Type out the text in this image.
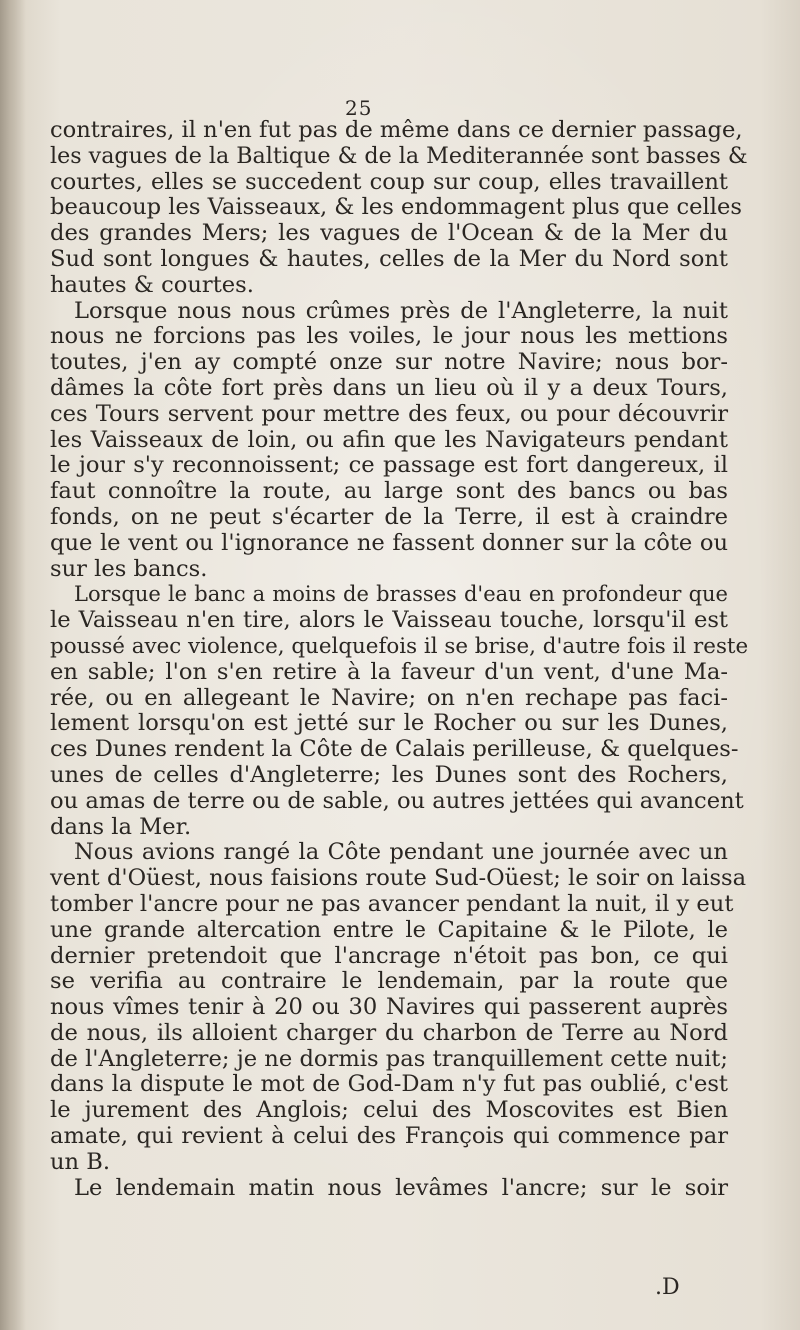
25
contraires, il n'en fut pas de même dans ce dernier passage,
les vagues de la Baltique & de la Mediterannée sont basses &
courtes, elles se succedent coup sur coup, elles travaillent
beaucoup les Vaisseaux, & les endommagent plus que celles
des grandes Mers; les vagues de l'Ocean & de la Mer du
Sud sont longues & hautes, celles de la Mer du Nord sont
hautes & courtes.
Lorsque nous nous crûmes près de l'Angleterre, la nuit
nous ne forcions pas les voiles, le jour nous les mettions
toutes, j'en ay compté onze sur notre Navire; nous bor-
dâmes la côte fort près dans un lieu où il y a deux Tours,
ces Tours servent pour mettre des feux, ou pour découvrir
les Vaisseaux de loin, ou afin que les Navigateurs pendant
le jour s'y reconnoissent; ce passage est fort dangereux, il
faut connoître la route, au large sont des bancs ou bas
fonds, on ne peut s'écarter de la Terre, il est à craindre
que le vent ou l'ignorance ne fassent donner sur la côte ou
sur les bancs.
Lorsque le banc a moins de brasses d'eau en profondeur que
le Vaisseau n'en tire, alors le Vaisseau touche, lorsqu'il est
poussé avec violence, quelquefois il se brise, d'autre fois il reste
en sable; l'on s'en retire à la faveur d'un vent, d'une Ma-
rée, ou en allegeant le Navire; on n'en rechape pas faci-
lement lorsqu'on est jetté sur le Rocher ou sur les Dunes,
ces Dunes rendent la Côte de Calais perilleuse, & quelques-
unes de celles d'Angleterre; les Dunes sont des Rochers,
ou amas de terre ou de sable, ou autres jettées qui avancent
dans la Mer.
Nous avions rangé la Côte pendant une journée avec un
vent d'Oüest, nous faisions route Sud-Oüest; le soir on laissa
tomber l'ancre pour ne pas avancer pendant la nuit, il y eut
une grande altercation entre le Capitaine & le Pilote, le
dernier pretendoit que l'ancrage n'étoit pas bon, ce qui
se verifia au contraire le lendemain, par la route que
nous vîmes tenir à 20 ou 30 Navires qui passerent auprès
de nous, ils alloient charger du charbon de Terre au Nord
de l'Angleterre; je ne dormis pas tranquillement cette nuit;
dans la dispute le mot de God-Dam n'y fut pas oublié, c'est
le jurement des Anglois; celui des Moscovites est Bien
amate, qui revient à celui des François qui commence par
un B.
Le lendemain matin nous levâmes l'ancre; sur le soir
.D
